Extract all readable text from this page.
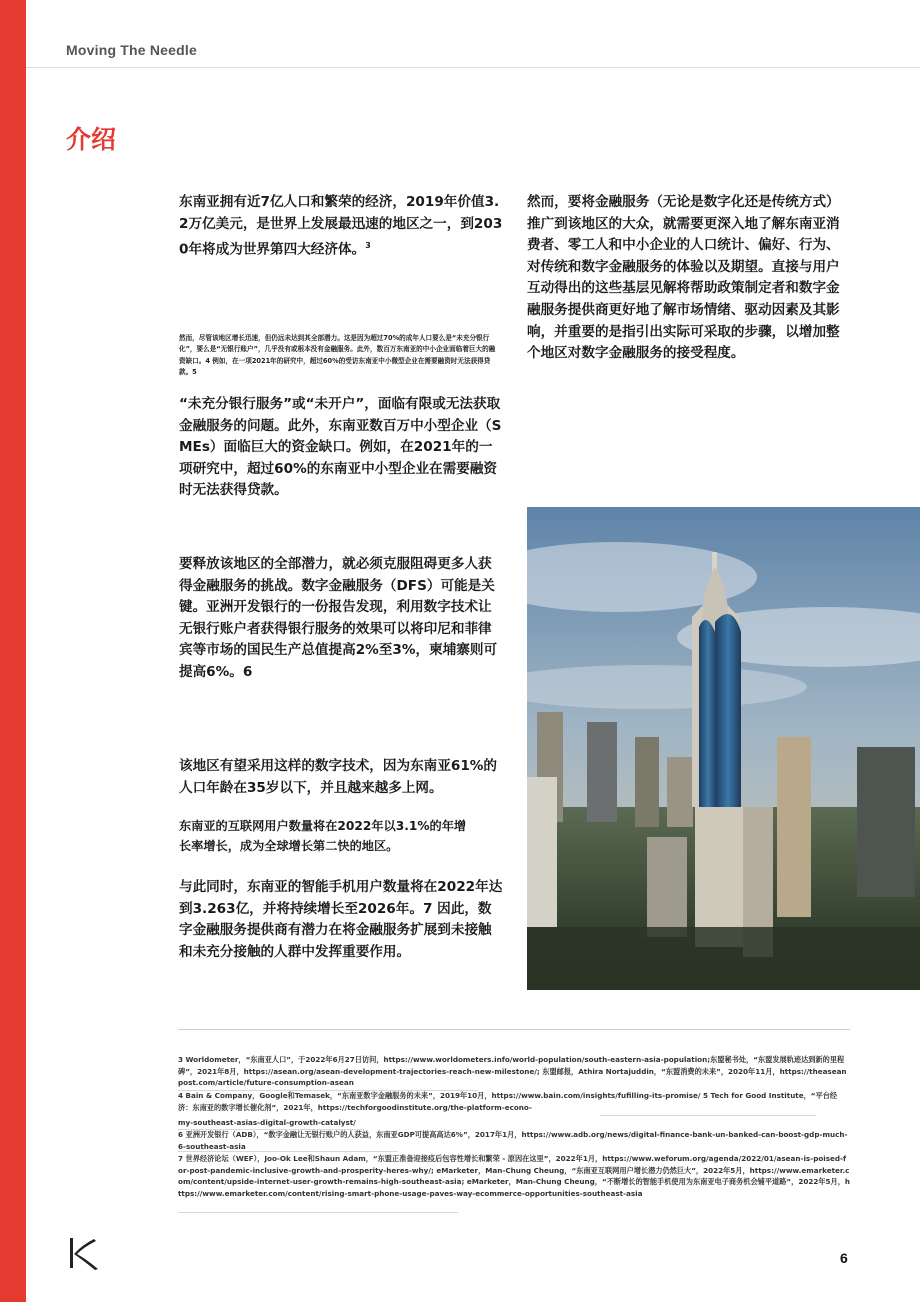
Moving The Needle
介绍
东南亚拥有近7亿人口和繁荣的经济，2019年价值3.2万亿美元，是世界上发展最迅速的地区之一，到2030年将成为世界第四大经济体。$^3$
然而，尽管该地区增长迅速，但仍远未达到其全部潜力。这是因为超过70%的成年人口要么是“未充分银行化”，要么是“无银行账户”，几乎没有或根本没有金融服务。此外，数百万东南亚的中小企业面临着巨大的融资缺口。4 例如，在一项2021年的研究中，超过60%的受访东南亚中小微型企业在需要融资时无法获得贷款。5
“未充分银行服务”或“未开户”，面临有限或无法获取金融服务的问题。此外，东南亚数百万中小型企业（SMEs）面临巨大的资金缺口。例如，在2021年的一项研究中，超过60%的东南亚中小型企业在需要融资时无法获得贷款。
要释放该地区的全部潜力，就必须克服阻碍更多人获得金融服务的挑战。数字金融服务（DFS）可能是关键。亚洲开发银行的一份报告发现，利用数字技术让无银行账户者获得银行服务的效果可以将印尼和菲律宾等市场的国民生产总值提高2%至3%，柬埔寨则可提高6%。6
该地区有望采用这样的数字技术，因为东南亚61%的人口年龄在35岁以下，并且越来越多上网。
东南亚的互联网用户数量将在2022年以3.1%的年增长率增长，成为全球增长第二快的地区。
与此同时，东南亚的智能手机用户数量将在2022年达到3.263亿，并将持续增长至2026年。7 因此，数字金融服务提供商有潜力在将金融服务扩展到未接触和未充分接触的人群中发挥重要作用。
然而，要将金融服务（无论是数字化还是传统方式）推广到该地区的大众，就需要更深入地了解东南亚消费者、零工人和中小企业的人口统计、偏好、行为、对传统和数字金融服务的体验以及期望。直接与用户互动得出的这些基层见解将帮助政策制定者和数字金融服务提供商更好地了解市场情绪、驱动因素及其影响，并重要的是指引出实际可采取的步骤，以增加整个地区对数字金融服务的接受程度。
3 Worldometer，“东南亚人口”，于2022年6月27日访问，https://www.worldometers.info/world-population/south-eastern-asia-population;东盟秘书处，“东盟发展轨迹达到新的里程碑”，2021年8月，https://asean.org/asean-development-trajectories-reach-new-milestone/; 东盟邮报，Athira Nortajuddin，“东盟消费的未来”，2020年11月，https://theaseanpost.com/article/future-consumption-asean
4 Bain & Company，Google和Temasek，“东南亚数字金融服务的未来”，2019年10月，https://www.bain.com/insights/fufilling-its-promise/ 5 Tech for Good Institute，“平台经济：东南亚的数字增长催化剂”，2021年，https://techforgoodinstitute.org/the-platform-econo-
my-southeast-asias-digital-growth-catalyst/
6 亚洲开发银行（ADB），“数字金融让无银行账户的人获益，东南亚GDP可提高高达6%”，2017年1月，https://www.adb.org/news/digital-finance-bank-un-banked-can-boost-gdp-much-6-southeast-asia
7 世界经济论坛（WEF），Joo-Ok Lee和Shaun Adam，“东盟正准备迎接疫后包容性增长和繁荣 - 原因在这里”，2022年1月，https://www.weforum.org/agenda/2022/01/asean-is-poised-for-post-pandemic-inclusive-growth-and-prosperity-heres-why/; eMarketer，Man-Chung Cheung，“东南亚互联网用户增长潜力仍然巨大”，2022年5月，https://www.emarketer.com/content/upside-internet-user-growth-remains-high-southeast-asia; eMarketer，Man-Chung Cheung，“不断增长的智能手机使用为东南亚电子商务机会铺平道路”，2022年5月，https://www.emarketer.com/content/rising-smart-phone-usage-paves-way-ecommerce-opportunities-southeast-asia
6
